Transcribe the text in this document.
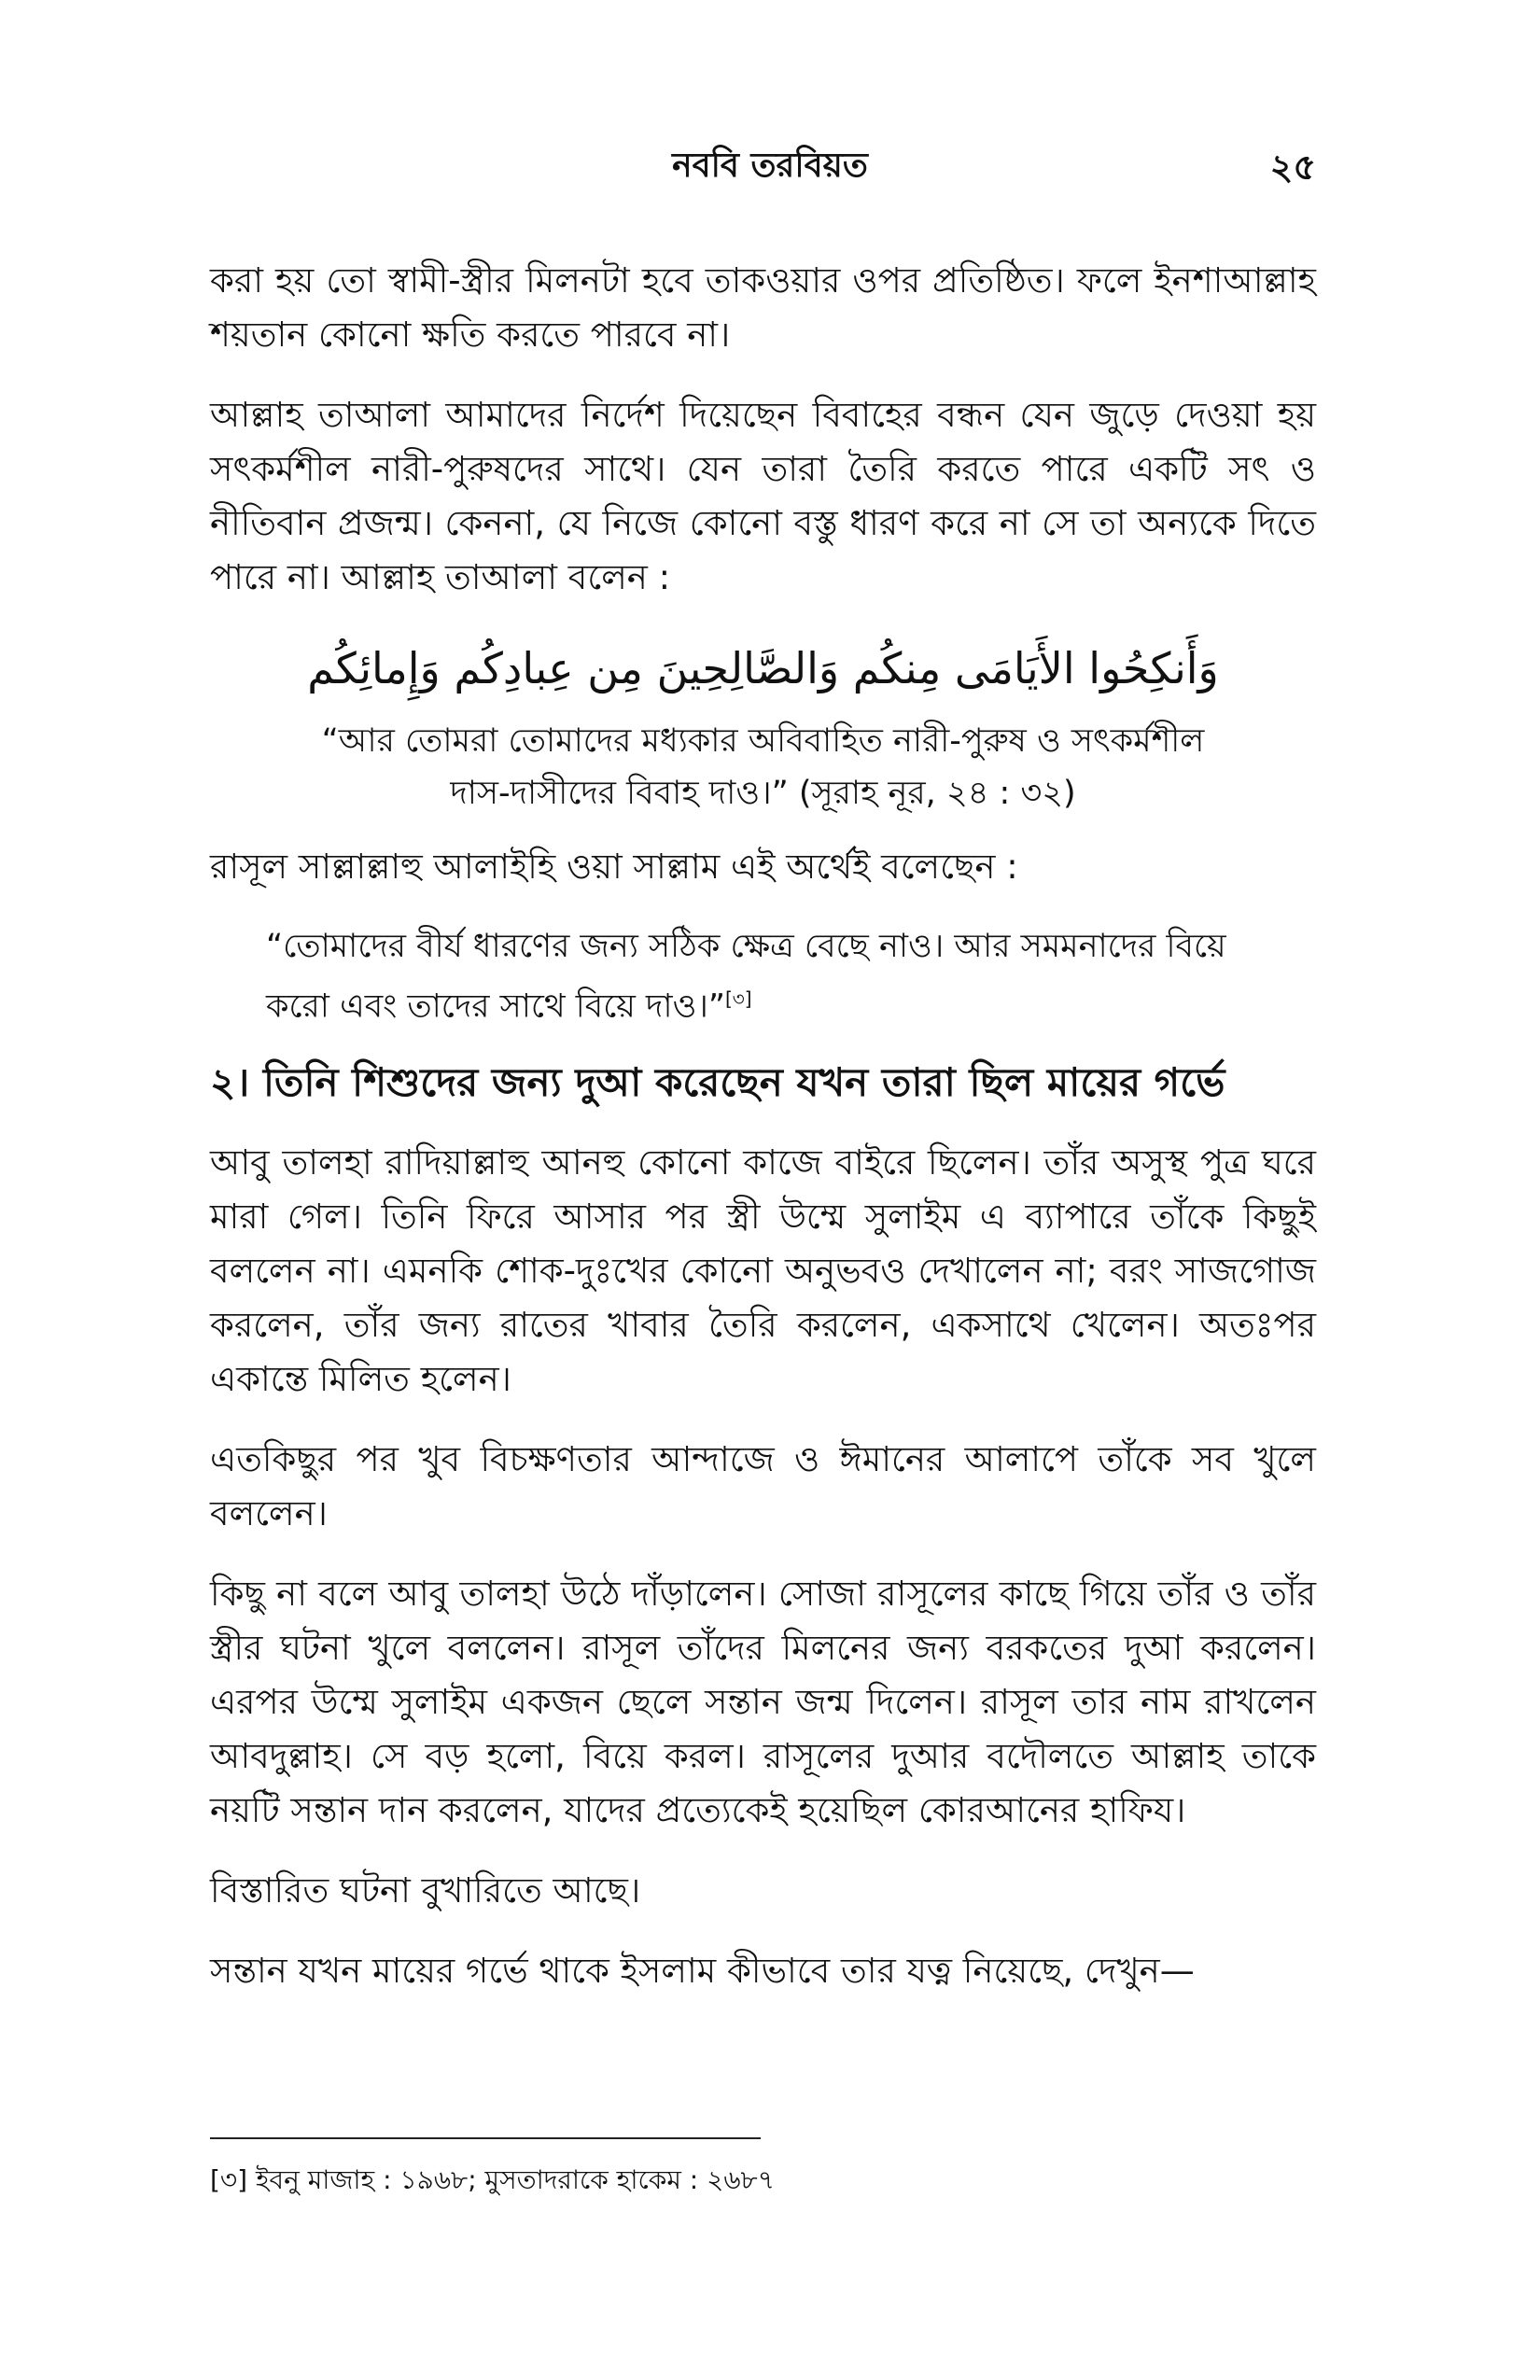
নববি তরবিয়ত	২৫

করা হয় তো স্বামী-স্ত্রীর মিলনটা হবে তাকওয়ার ওপর প্রতিষ্ঠিত। ফলে ইনশাআল্লাহ শয়তান কোনো ক্ষতি করতে পারবে না।

আল্লাহ তাআলা আমাদের নির্দেশ দিয়েছেন বিবাহের বন্ধন যেন জুড়ে দেওয়া হয় সৎকর্মশীল নারী-পুরুষদের সাথে। যেন তারা তৈরি করতে পারে একটি সৎ ও নীতিবান প্রজন্ম। কেননা, যে নিজে কোনো বস্তু ধারণ করে না সে তা অন্যকে দিতে পারে না। আল্লাহ তাআলা বলেন :

وَأَنكِحُوا الأَيَامَى مِنكُم وَالصَّالِحِينَ مِن عِبادِكُم وَإِمائِكُم
“আর তোমরা তোমাদের মধ্যকার অবিবাহিত নারী-পুরুষ ও সৎকর্মশীল
দাস-দাসীদের বিবাহ দাও।” (সূরাহ নূর, ২৪ : ৩২)

রাসূল সাল্লাল্লাহু আলাইহি ওয়া সাল্লাম এই অর্থেই বলেছেন :

“তোমাদের বীর্য ধারণের জন্য সঠিক ক্ষেত্র বেছে নাও। আর সমমনাদের বিয়ে করো এবং তাদের সাথে বিয়ে দাও।”[৩]
২। তিনি শিশুদের জন্য দুআ করেছেন যখন তারা ছিল মায়ের গর্ভে

আবু তালহা রাদিয়াল্লাহু আনহু কোনো কাজে বাইরে ছিলেন। তাঁর অসুস্থ পুত্র ঘরে মারা গেল। তিনি ফিরে আসার পর স্ত্রী উম্মে সুলাইম এ ব্যাপারে তাঁকে কিছুই বললেন না। এমনকি শোক-দুঃখের কোনো অনুভবও দেখালেন না; বরং সাজগোজ করলেন, তাঁর জন্য রাতের খাবার তৈরি করলেন, একসাথে খেলেন। অতঃপর একান্তে মিলিত হলেন।

এতকিছুর পর খুব বিচক্ষণতার আন্দাজে ও ঈমানের আলাপে তাঁকে সব খুলে বললেন।

কিছু না বলে আবু তালহা উঠে দাঁড়ালেন। সোজা রাসূলের কাছে গিয়ে তাঁর ও তাঁর স্ত্রীর ঘটনা খুলে বললেন। রাসূল তাঁদের মিলনের জন্য বরকতের দুআ করলেন। এরপর উম্মে সুলাইম একজন ছেলে সন্তান জন্ম দিলেন। রাসূল তার নাম রাখলেন আবদুল্লাহ। সে বড় হলো, বিয়ে করল। রাসূলের দুআর বদৌলতে আল্লাহ তাকে নয়টি সন্তান দান করলেন, যাদের প্রত্যেকেই হয়েছিল কোরআনের হাফিয।

বিস্তারিত ঘটনা বুখারিতে আছে।

সন্তান যখন মায়ের গর্ভে থাকে ইসলাম কীভাবে তার যত্ন নিয়েছে, দেখুন—

[৩] ইবনু মাজাহ : ১৯৬৮; মুসতাদরাকে হাকেম : ২৬৮৭
